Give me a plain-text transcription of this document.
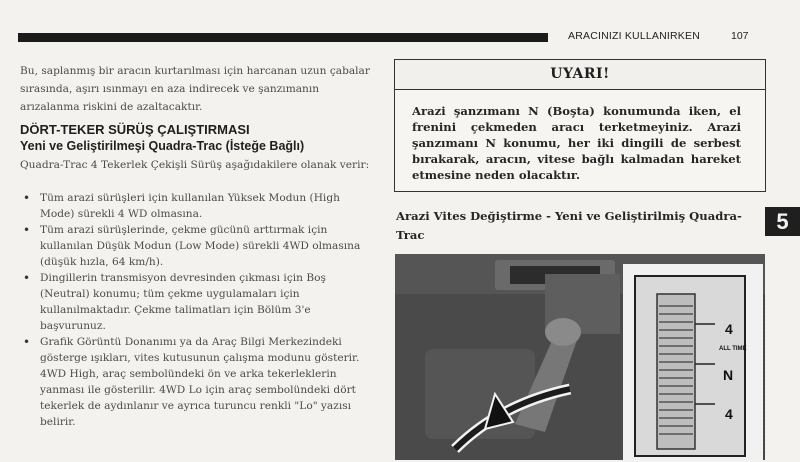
ARACINIZI KULLANIRKEN	107
Bu, saplanmış bir aracın kurtarılması için harcanan uzun çabalar sırasında, aşırı ısınmayı en aza indirecek ve şanzımanın arızalanma riskini de azaltacaktır.
DÖRT-TEKER SÜRÜŞ ÇALIŞTIRMASI
Yeni ve Geliştirilmeşi Quadra-Trac (İsteğe Bağlı)
Quadra-Trac 4 Tekerlek Çekişli Sürüş aşağıdakilere olanak verir:
• Tüm arazi sürüşleri için kullanılan Yüksek Modun (High Mode) sürekli 4 WD olmasına.
• Tüm arazi sürüşlerinde, çekme gücünü arttırmak için kullanılan Düşük Modun (Low Mode) sürekli 4WD olmasına (düşük hızla, 64 km/h).
• Dingillerin transmisyon devresinden çıkması için Boş (Neutral) konumu; tüm çekme uygulamaları için kullanılmaktadır. Çekme talimatları için Bölüm 3'e başvurunuz.
• Grafik Görüntü Donanımı ya da Araç Bilgi Merkezindeki gösterge ışıkları, vites kutusunun çalışma modunu gösterir. 4WD High, araç sembolündeki ön ve arka tekerleklerin yanması ile gösterilir. 4WD Lo için araç sembolündeki dört tekerlek de aydınlanır ve ayrıca turuncu renkli "Lo" yazısı belirir.
UYARI!
Arazi şanzımanı N (Boşta) konumunda iken, el frenini çekmeden aracı terketmeyiniz. Arazi şanzımanı N konumu, her iki dingili de serbest bırakarak, aracın, vitese bağlı kalmadan hareket etmesine neden olacaktır.
Arazi Vites Değiştirme - Yeni ve Geliştirilmiş Quadra-Trac
5
4
ALL TIME
N
4
